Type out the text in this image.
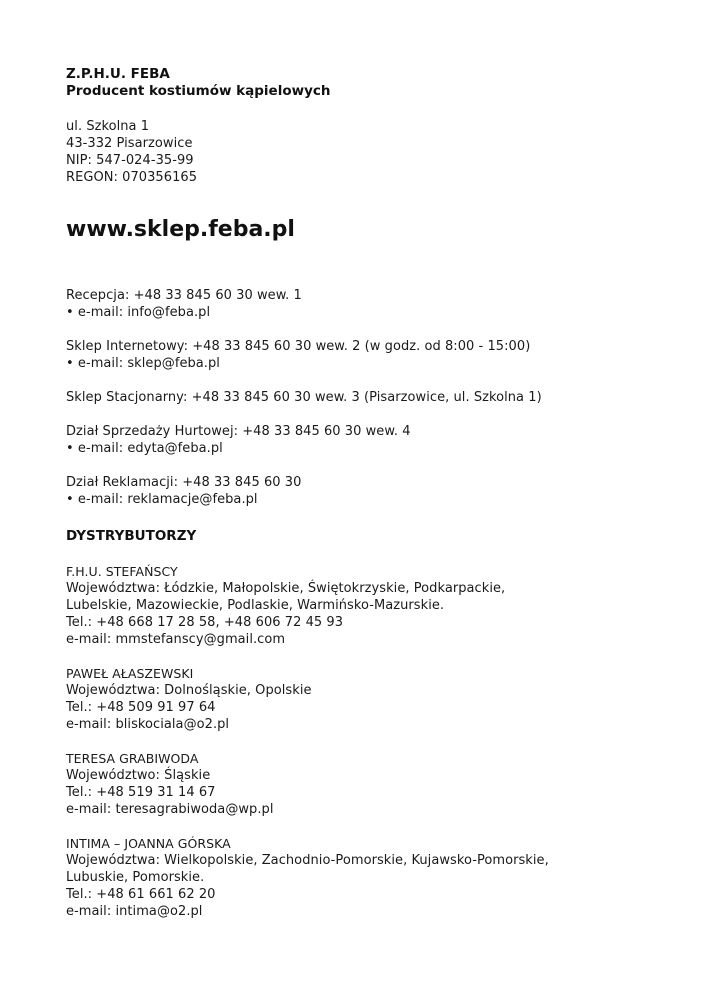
Z.P.H.U. FEBA
Producent kostiumów kąpielowych
ul. Szkolna 1
43-332 Pisarzowice
NIP: 547-024-35-99
REGON: 070356165
www.sklep.feba.pl
Recepcja: +48 33 845 60 30 wew. 1
• e-mail: info@feba.pl
Sklep Internetowy: +48 33 845 60 30 wew. 2 (w godz. od 8:00 - 15:00)
• e-mail: sklep@feba.pl
Sklep Stacjonarny: +48 33 845 60 30 wew. 3 (Pisarzowice, ul. Szkolna 1)
Dział Sprzedaży Hurtowej: +48 33 845 60 30 wew. 4
• e-mail: edyta@feba.pl
Dział Reklamacji: +48 33 845 60 30
• e-mail: reklamacje@feba.pl
DYSTRYBUTORZY
F.H.U. STEFAŃSCY
Województwa: Łódzkie, Małopolskie, Świętokrzyskie, Podkarpackie,
Lubelskie, Mazowieckie, Podlaskie, Warmińsko-Mazurskie.
Tel.: +48 668 17 28 58, +48 606 72 45 93
e-mail: mmstefanscy@gmail.com
PAWEŁ AŁASZEWSKI
Województwa: Dolnośląskie, Opolskie
Tel.: +48 509 91 97 64
e-mail: bliskociala@o2.pl
TERESA GRABIWODA
Województwo: Śląskie
Tel.: +48 519 31 14 67
e-mail: teresagrabiwoda@wp.pl
INTIMA – JOANNA GÓRSKA
Województwa: Wielkopolskie, Zachodnio-Pomorskie, Kujawsko-Pomorskie,
Lubuskie, Pomorskie.
Tel.: +48 61 661 62 20
e-mail: intima@o2.pl
